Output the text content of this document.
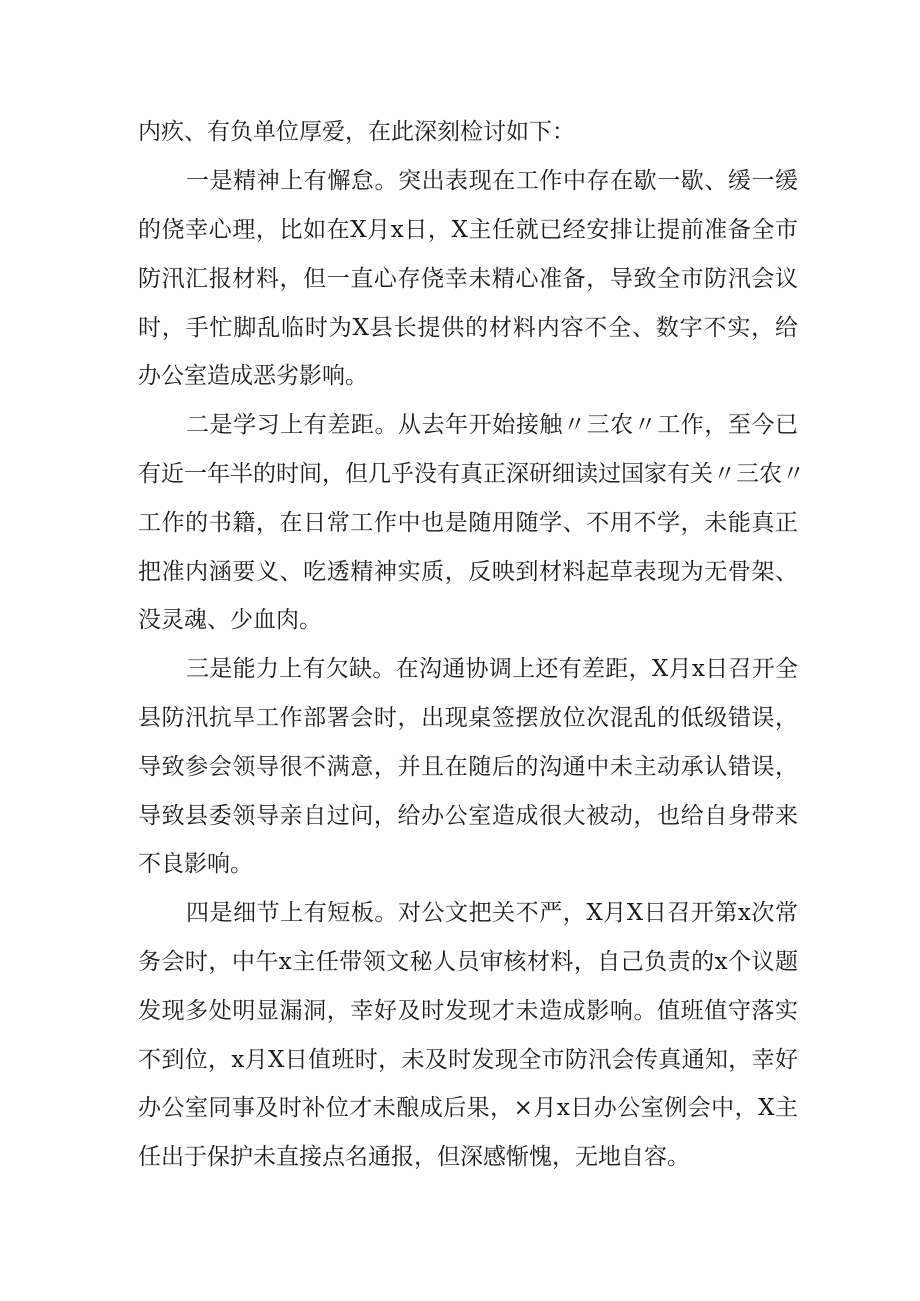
内疚、有负单位厚爱，在此深刻检讨如下：
一是精神上有懈怠。突出表现在工作中存在歇一歇、缓一缓
的侥幸心理，比如在X月x日，X主任就已经安排让提前准备全市
防汛汇报材料，但一直心存侥幸未精心准备，导致全市防汛会议
时，手忙脚乱临时为X县长提供的材料内容不全、数字不实，给
办公室造成恶劣影响。
二是学习上有差距。从去年开始接触〃三农〃工作，至今已
有近一年半的时间，但几乎没有真正深研细读过国家有关〃三农〃
工作的书籍，在日常工作中也是随用随学、不用不学，未能真正
把准内涵要义、吃透精神实质，反映到材料起草表现为无骨架、
没灵魂、少血肉。
三是能力上有欠缺。在沟通协调上还有差距，X月x日召开全
县防汛抗旱工作部署会时，出现桌签摆放位次混乱的低级错误，
导致参会领导很不满意，并且在随后的沟通中未主动承认错误，
导致县委领导亲自过问，给办公室造成很大被动，也给自身带来
不良影响。
四是细节上有短板。对公文把关不严，X月X日召开第x次常
务会时，中午x主任带领文秘人员审核材料，自己负责的x个议题
发现多处明显漏洞，幸好及时发现才未造成影响。值班值守落实
不到位，x月X日值班时，未及时发现全市防汛会传真通知，幸好
办公室同事及时补位才未酿成后果，×月x日办公室例会中，X主
任出于保护未直接点名通报，但深感惭愧，无地自容。
